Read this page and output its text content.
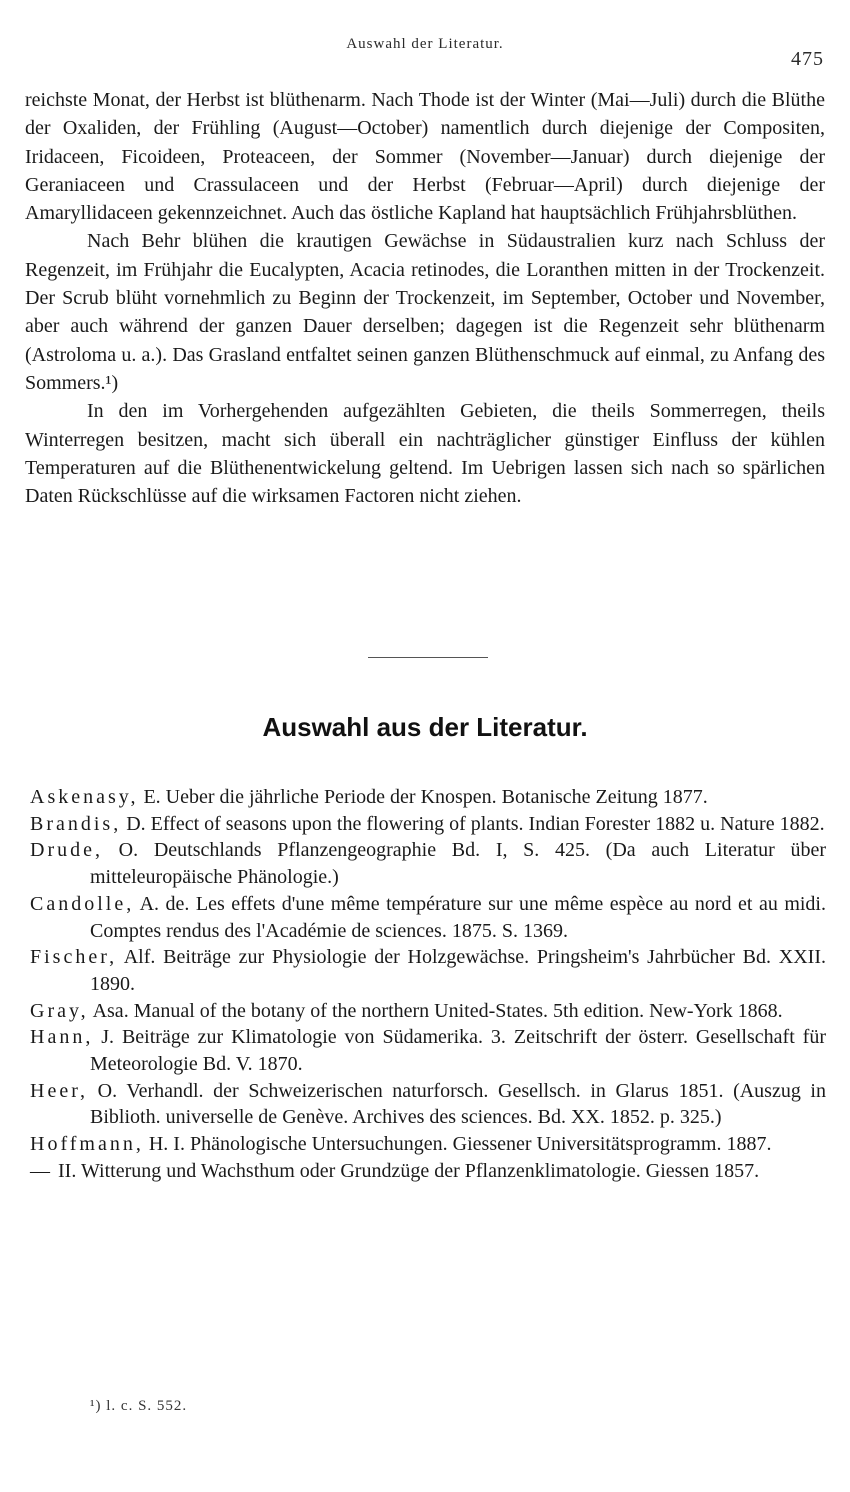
Auswahl der Literatur.
475

reichste Monat, der Herbst ist blüthenarm. Nach Thode ist der Winter (Mai—Juli) durch die Blüthe der Oxaliden, der Frühling (August—October) namentlich durch diejenige der Compositen, Iridaceen, Ficoideen, Proteaceen, der Sommer (November—Januar) durch diejenige der Geraniaceen und Crassulaceen und der Herbst (Februar—April) durch diejenige der Amaryllidaceen gekennzeichnet. Auch das östliche Kapland hat hauptsächlich Frühjahrsblüthen.

Nach Behr blühen die krautigen Gewächse in Südaustralien kurz nach Schluss der Regenzeit, im Frühjahr die Eucalypten, Acacia retinodes, die Loranthen mitten in der Trockenzeit. Der Scrub blüht vornehmlich zu Beginn der Trockenzeit, im September, October und November, aber auch während der ganzen Dauer derselben; dagegen ist die Regenzeit sehr blüthenarm (Astroloma u. a.). Das Grasland entfaltet seinen ganzen Blüthenschmuck auf einmal, zu Anfang des Sommers.¹)

In den im Vorhergehenden aufgezählten Gebieten, die theils Sommerregen, theils Winterregen besitzen, macht sich überall ein nachträglicher günstiger Einfluss der kühlen Temperaturen auf die Blüthenentwickelung geltend. Im Uebrigen lassen sich nach so spärlichen Daten Rückschlüsse auf die wirksamen Factoren nicht ziehen.

Auswahl aus der Literatur.
Askenasy, E. Ueber die jährliche Periode der Knospen. Botanische Zeitung 1877.
Brandis, D. Effect of seasons upon the flowering of plants. Indian Forester 1882 u. Nature 1882.
Drude, O. Deutschlands Pflanzengeographie Bd. I, S. 425. (Da auch Literatur über mitteleuropäische Phänologie.)
Candolle, A. de. Les effets d'une même température sur une même espèce au nord et au midi. Comptes rendus des l'Académie de sciences. 1875. S. 1369.
Fischer, Alf. Beiträge zur Physiologie der Holzgewächse. Pringsheim's Jahrbücher Bd. XXII. 1890.
Gray, Asa. Manual of the botany of the northern United-States. 5th edition. New-York 1868.
Hann, J. Beiträge zur Klimatologie von Südamerika. 3. Zeitschrift der österr. Gesellschaft für Meteorologie Bd. V. 1870.
Heer, O. Verhandl. der Schweizerischen naturforsch. Gesellsch. in Glarus 1851. (Auszug in Biblioth. universelle de Genève. Archives des sciences. Bd. XX. 1852. p. 325.)
Hoffmann, H. I. Phänologische Untersuchungen. Giessener Universitätsprogramm. 1887.
— II. Witterung und Wachsthum oder Grundzüge der Pflanzenklimatologie. Giessen 1857.
¹) l. c. S. 552.
